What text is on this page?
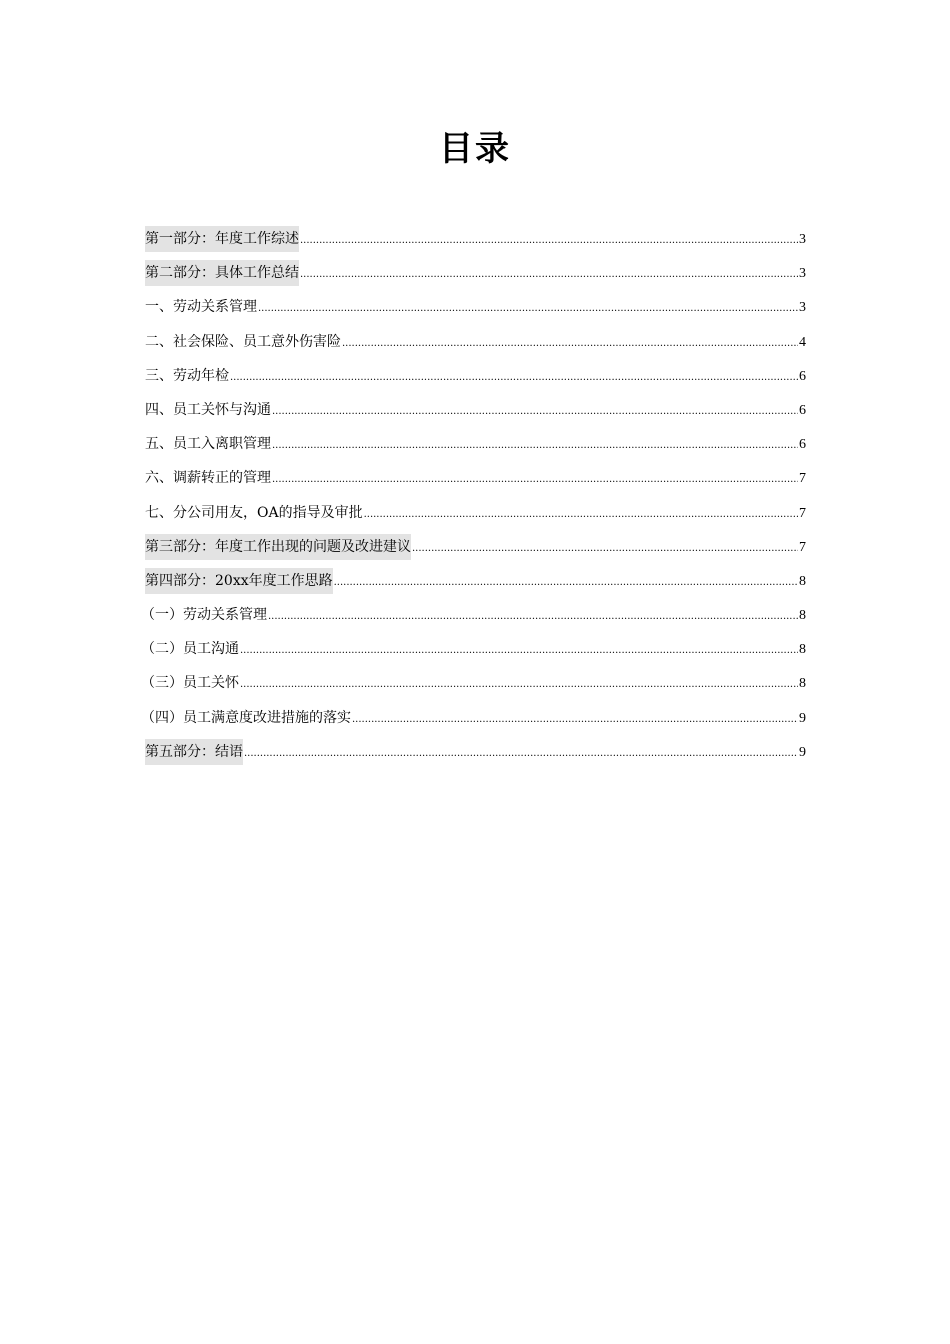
目录
第一部分：年度工作综述 .....	3
第二部分：具体工作总结 .....	3
一、劳动关系管理 .....	3
二、社会保险、员工意外伤害险 .....	4
三、劳动年检 .....	6
四、员工关怀与沟通 .....	6
五、员工入离职管理 .....	6
六、调薪转正的管理 .....	7
七、分公司用友，OA的指导及审批 .....	7
第三部分：年度工作出现的问题及改进建议 .....	7
第四部分：20xx年度工作思路 .....	8
（一）劳动关系管理 .....	8
（二）员工沟通 .....	8
（三）员工关怀 .....	8
（四）员工满意度改进措施的落实 .....	9
第五部分：结语 .....	9
